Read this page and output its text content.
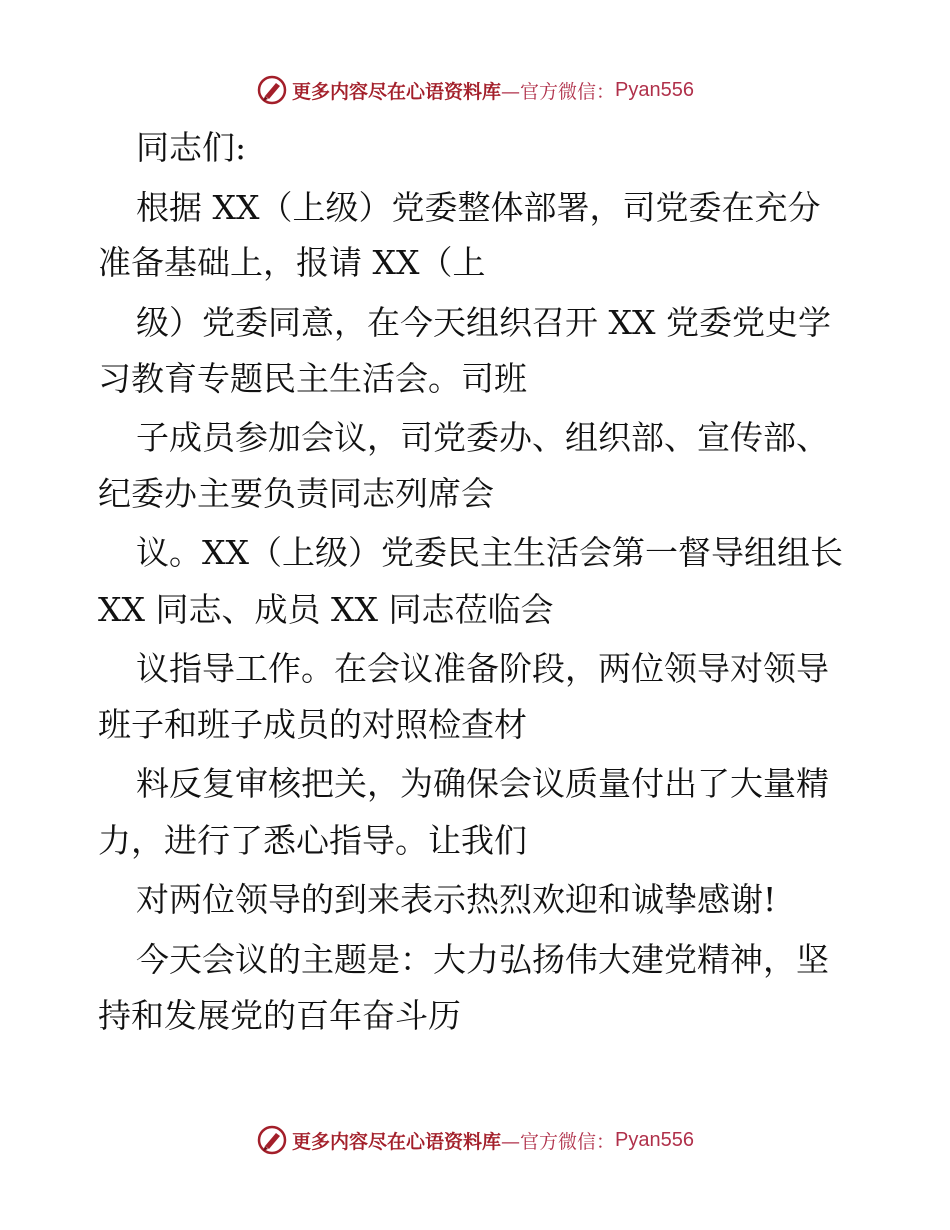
更多内容尽在心语资料库 —官方微信： Pyan556
同志们:
根据 XX（上级）党委整体部署，司党委在充分
准备基础上，报请 XX（上
级）党委同意，在今天组织召开 XX 党委党史学
习教育专题民主生活会。司班
子成员参加会议，司党委办、组织部、宣传部、
纪委办主要负责同志列席会
议。XX（上级）党委民主生活会第一督导组组长
XX 同志、成员 XX 同志莅临会
议指导工作。在会议准备阶段，两位领导对领导
班子和班子成员的对照检查材
料反复审核把关，为确保会议质量付出了大量精
力，进行了悉心指导。让我们
对两位领导的到来表示热烈欢迎和诚挚感谢!
今天会议的主题是：大力弘扬伟大建党精神，坚
持和发展党的百年奋斗历
更多内容尽在心语资料库 —官方微信： Pyan556
